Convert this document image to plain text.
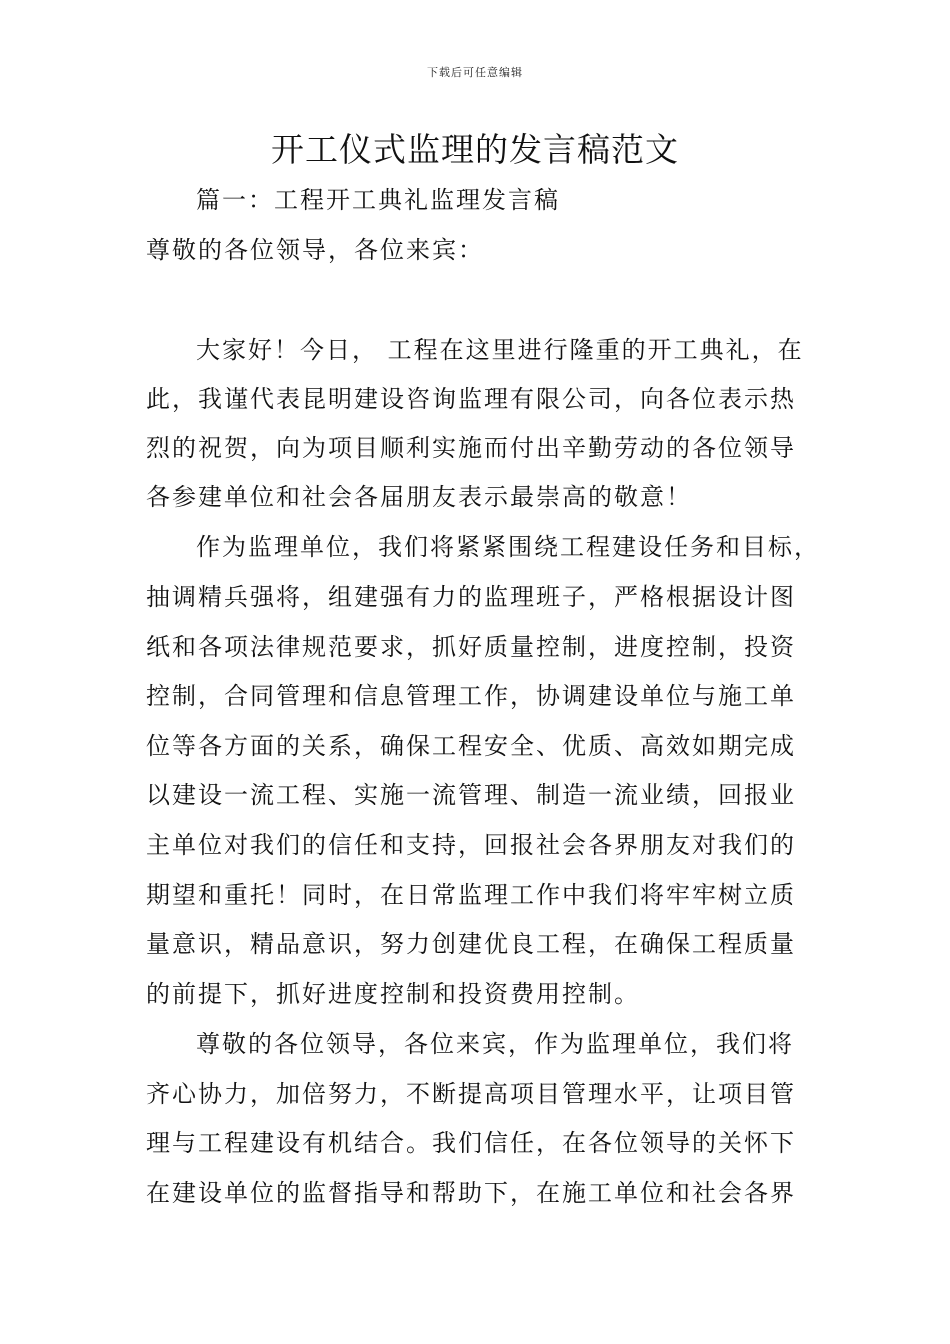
下载后可任意编辑
开工仪式监理的发言稿范文

篇一：工程开工典礼监理发言稿

尊敬的各位领导，各位来宾：

大家好！今日， 工程在这里进行隆重的开工典礼，在

此，我谨代表昆明建设咨询监理有限公司，向各位表示热

烈的祝贺，向为项目顺利实施而付出辛勤劳动的各位领导

各参建单位和社会各届朋友表示最崇高的敬意！

作为监理单位，我们将紧紧围绕工程建设任务和目标，

抽调精兵强将，组建强有力的监理班子，严格根据设计图

纸和各项法律规范要求，抓好质量控制，进度控制，投资

控制，合同管理和信息管理工作，协调建设单位与施工单

位等各方面的关系，确保工程安全、优质、高效如期完成

以建设一流工程、实施一流管理、制造一流业绩，回报业

主单位对我们的信任和支持，回报社会各界朋友对我们的

期望和重托！同时，在日常监理工作中我们将牢牢树立质

量意识，精品意识，努力创建优良工程，在确保工程质量

的前提下，抓好进度控制和投资费用控制。

尊敬的各位领导，各位来宾，作为监理单位，我们将

齐心协力，加倍努力，不断提高项目管理水平，让项目管

理与工程建设有机结合。我们信任，在各位领导的关怀下

在建设单位的监督指导和帮助下，在施工单位和社会各界
